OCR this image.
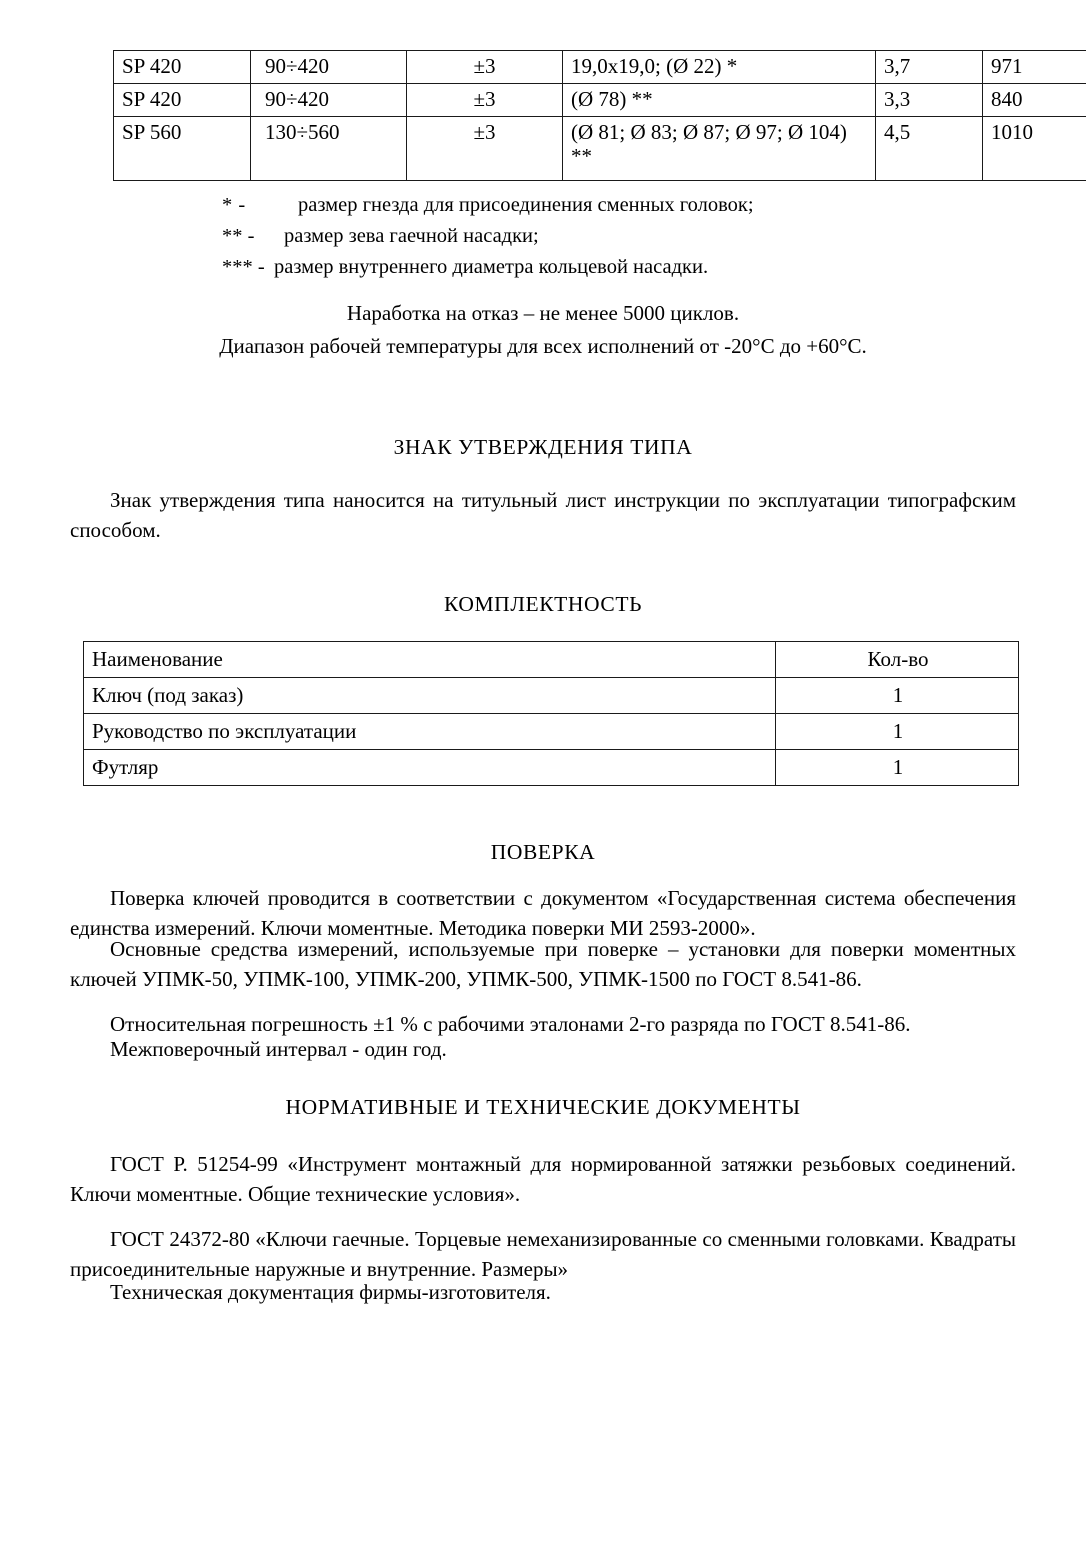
SP 420	90÷420	±3	19,0x19,0; (Ø 22) *	3,7	971
SP 420	90÷420	±3	(Ø 78) **	3,3	840
SP 560	130÷560	±3	(Ø 81; Ø 83; Ø 87; Ø 97; Ø 104) **	4,5	1010
* -	размер гнезда для присоединения сменных головок;
** - размер зева гаечной насадки;
*** - размер внутреннего диаметра кольцевой насадки.
Наработка на отказ – не менее 5000 циклов.
Диапазон рабочей температуры для всех исполнений от -20°С до +60°С.
ЗНАК УТВЕРЖДЕНИЯ ТИПА
Знак утверждения типа наносится на титульный лист инструкции по эксплуатации типографским способом.
КОМПЛЕКТНОСТЬ
Наименование	Кол-во
Ключ (под заказ)	1
Руководство по эксплуатации	1
Футляр	1
ПОВЕРКА
Поверка ключей проводится в соответствии с документом «Государственная система обеспечения единства измерений. Ключи моментные. Методика поверки МИ 2593-2000».
Основные средства измерений, используемые при поверке – установки для поверки моментных ключей УПМК-50, УПМК-100, УПМК-200, УПМК-500, УПМК-1500 по ГОСТ 8.541-86.
Относительная погрешность ±1 % с рабочими эталонами 2-го разряда по ГОСТ 8.541-86.
Межповерочный интервал - один год.
НОРМАТИВНЫЕ И ТЕХНИЧЕСКИЕ ДОКУМЕНТЫ
ГОСТ Р. 51254-99 «Инструмент монтажный для нормированной затяжки резьбовых соединений. Ключи моментные. Общие технические условия».
ГОСТ 24372-80 «Ключи гаечные. Торцевые немеханизированные со сменными головками. Квадраты присоединительные наружные и внутренние. Размеры»
Техническая документация фирмы-изготовителя.
